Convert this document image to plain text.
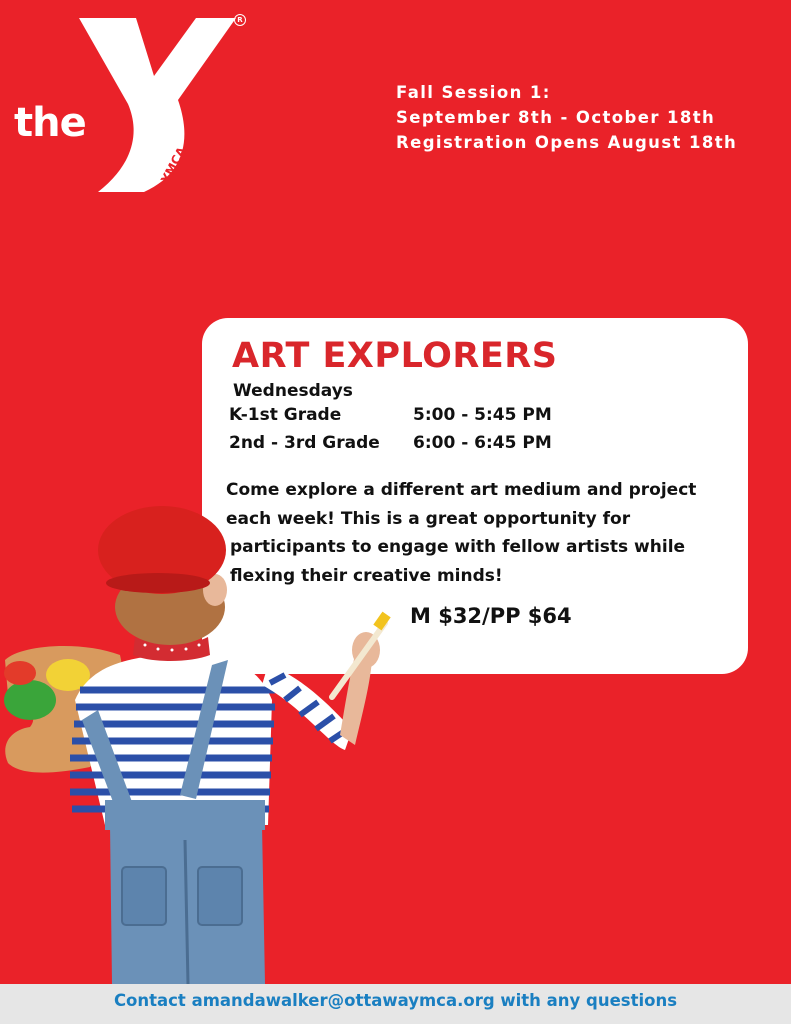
the
YMCA
R
Fall Session 1:
September 8th - October 18th
Registration Opens August 18th
ART EXPLORERS
Wednesdays
K-1st Grade	5:00 - 5:45 PM
2nd - 3rd Grade 6:00 - 6:45 PM
Come explore a different art medium and project
each week! This is a great opportunity for
participants to engage with fellow artists while
flexing their creative minds!
M $32/PP $64
Contact amandawalker@ottawaymca.org with any questions
